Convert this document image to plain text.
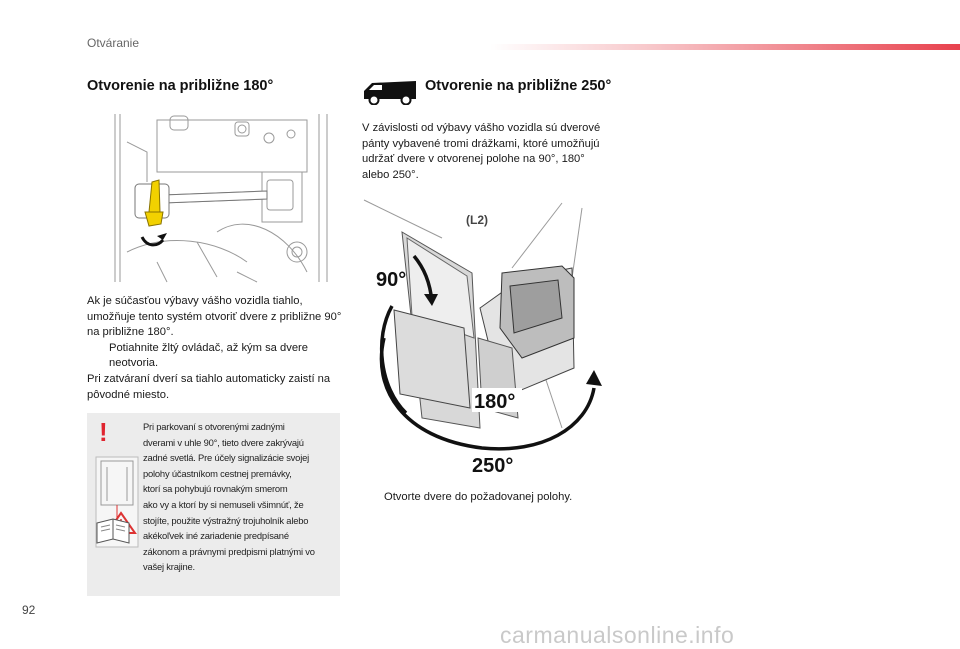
Otváranie
Otvorenie na približne 180°

Ak je súčasťou výbavy vášho vozidla tiahlo, umožňuje tento systém otvoriť dvere z približne 90° na približne 180°.

Potiahnite žltý ovládač, až kým sa dvere neotvoria.

Pri zatváraní dverí sa tiahlo automaticky zaistí na pôvodné miesto.

!	Pri parkovaní s otvorenými zadnými
dverami v uhle 90°, tieto dvere zakrývajú
zadné svetlá. Pre účely signalizácie svojej
polohy účastníkom cestnej premávky,
ktorí sa pohybujú rovnakým smerom
ako vy a ktorí by si nemuseli všimnúť, že
stojíte, použite výstražný trojuholník alebo
akékoľvek iné zariadenie predpísané
zákonom a právnymi predpismi platnými vo
vašej krajine.
Otvorenie na približne 250°
V závislosti od výbavy vášho vozidla sú dverové pánty vybavené tromi drážkami, ktoré umožňujú udržať dvere v otvorenej polohe na 90°, 180° alebo 250°.
(L2)
90°
180°
250°
Otvorte dvere do požadovanej polohy.
92
carmanualsonline.info
